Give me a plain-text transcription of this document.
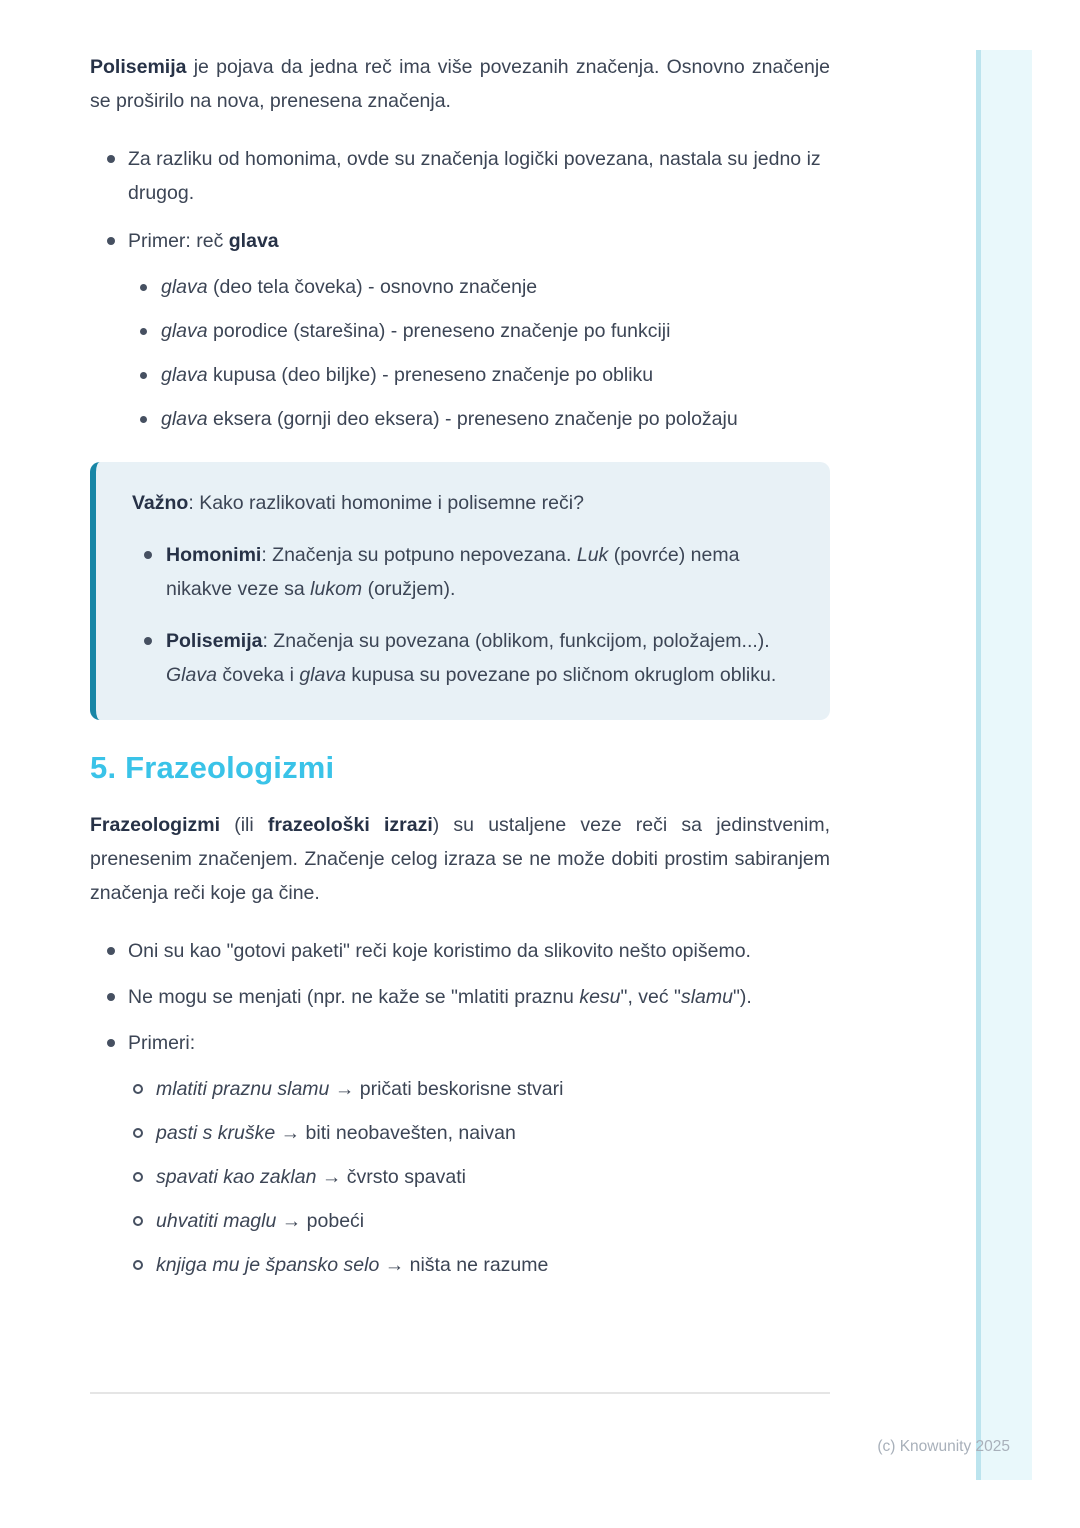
Polisemija je pojava da jedna reč ima više povezanih značenja. Osnovno značenje se proširilo na nova, prenesena značenja.

Za razliku od homonima, ovde su značenja logički povezana, nastala su jedno iz drugog.
Primer: reč glava
glava (deo tela čoveka) - osnovno značenje
glava porodice (starešina) - preneseno značenje po funkciji
glava kupusa (deo biljke) - preneseno značenje po obliku
glava eksera (gornji deo eksera) - preneseno značenje po položaju

Važno: Kako razlikovati homonime i polisemne reči?

Homonimi: Značenja su potpuno nepovezana. Luk (povrće) nema nikakve veze sa lukom (oružjem).
Polisemija: Značenja su povezana (oblikom, funkcijom, položajem...). Glava čoveka i glava kupusa su povezane po sličnom okruglom obliku.
5. Frazeologizmi

Frazeologizmi (ili frazeološki izrazi) su ustaljene veze reči sa jedinstvenim, prenesenim značenjem. Značenje celog izraza se ne može dobiti prostim sabiranjem značenja reči koje ga čine.

Oni su kao "gotovi paketi" reči koje koristimo da slikovito nešto opišemo.
Ne mogu se menjati (npr. ne kaže se "mlatiti praznu kesu", već "slamu").
Primeri:
mlatiti praznu slamu → pričati beskorisne stvari
pasti s kruške → biti neobavešten, naivan
spavati kao zaklan → čvrsto spavati
uhvatiti maglu → pobeći
knjiga mu je špansko selo → ništa ne razume
(c) Knowunity 2025
